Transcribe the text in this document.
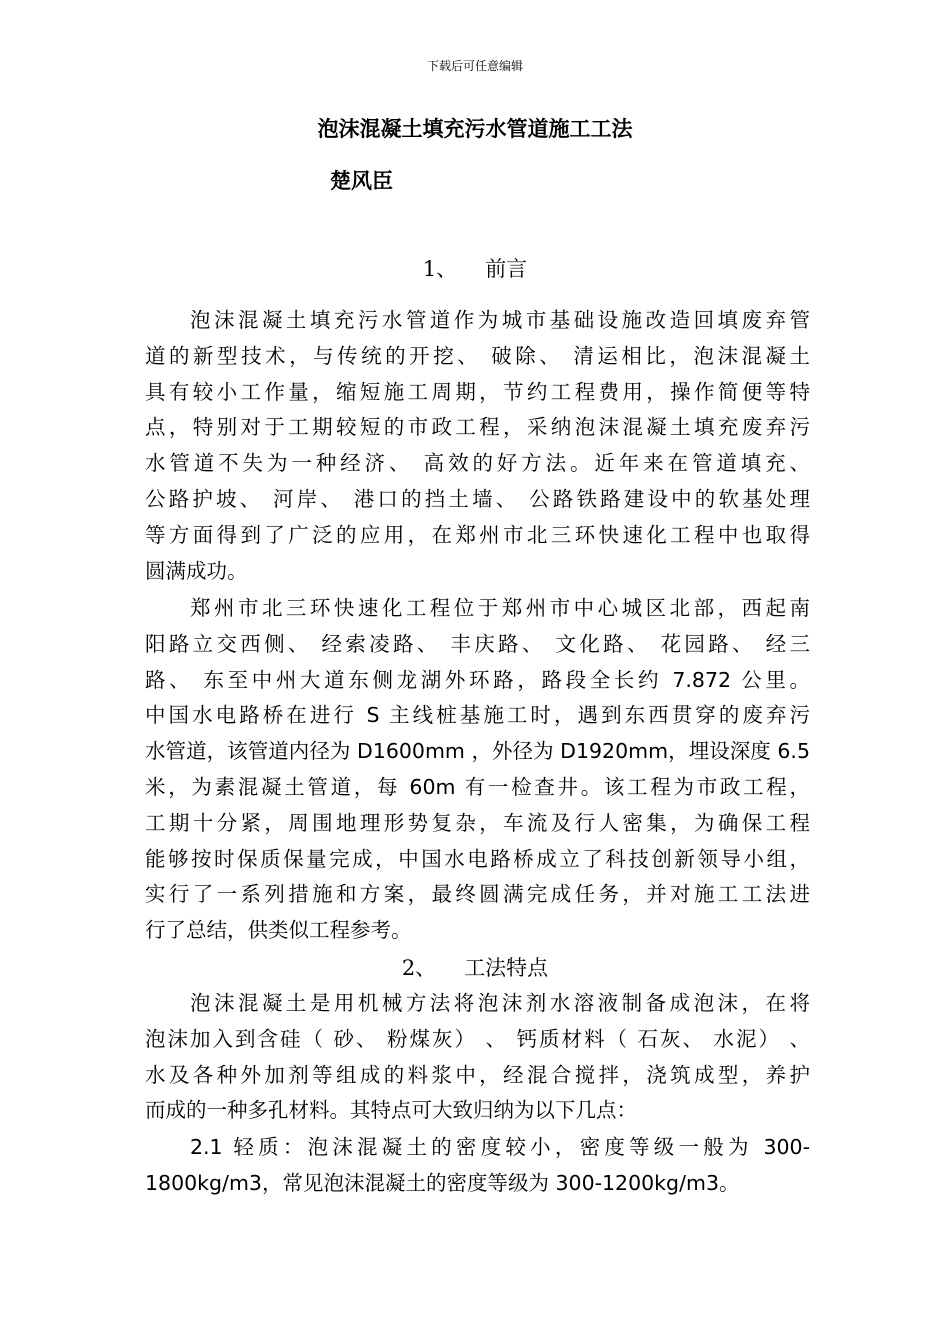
下载后可任意编辑
泡沫混凝土填充污水管道施工工法
楚风臣
1、 前言
泡沫混凝土填充污水管道作为城市基础设施改造回填废弃管
道的新型技术，与传统的开挖、 破除、 清运相比，泡沫混凝土
具有较小工作量，缩短施工周期，节约工程费用，操作简便等特
点，特别对于工期较短的市政工程，采纳泡沫混凝土填充废弃污
水管道不失为一种经济、 高效的好方法。近年来在管道填充、
公路护坡、 河岸、 港口的挡土墙、 公路铁路建设中的软基处理
等方面得到了广泛的应用，在郑州市北三环快速化工程中也取得
圆满成功。
郑州市北三环快速化工程位于郑州市中心城区北部，西起南
阳路立交西侧、 经索凌路、 丰庆路、 文化路、 花园路、 经三
路、 东至中州大道东侧龙湖外环路，路段全长约 7.872 公里。
中国水电路桥在进行 S 主线桩基施工时，遇到东西贯穿的废弃污
水管道，该管道内径为 D1600mm ，外径为 D1920mm，埋设深度 6.5
米，为素混凝土管道，每 60m 有一检查井。该工程为市政工程，
工期十分紧，周围地理形势复杂，车流及行人密集，为确保工程
能够按时保质保量完成，中国水电路桥成立了科技创新领导小组，
实行了一系列措施和方案，最终圆满完成任务，并对施工工法进
行了总结，供类似工程参考。
2、 工法特点
泡沫混凝土是用机械方法将泡沫剂水溶液制备成泡沫，在将
泡沫加入到含硅（ 砂、 粉煤灰） 、 钙质材料（ 石灰、 水泥） 、
水及各种外加剂等组成的料浆中，经混合搅拌，浇筑成型，养护
而成的一种多孔材料。其特点可大致归纳为以下几点：
2.1 轻质：泡沫混凝土的密度较小，密度等级一般为 300-
1800kg/m3，常见泡沫混凝土的密度等级为 300-1200kg/m3。
